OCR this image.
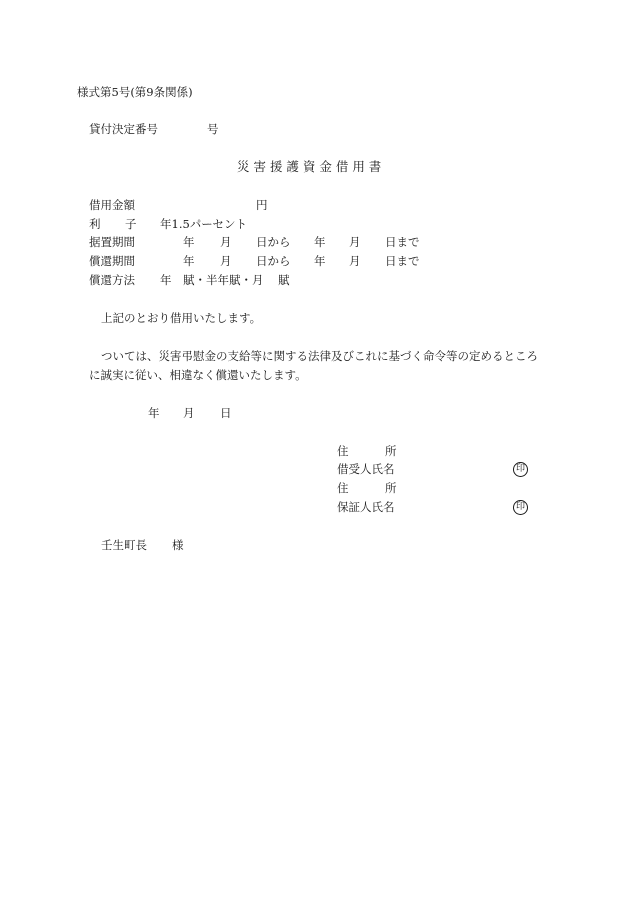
様式第5号(第9条関係)
貸付決定番号	号
災 害 援 護 資 金 借 用 書
借用金額	円
利 子 年1.5パーセント
据置期間	年 月 日から 年 月 日まで
償還期間	年 月 日から 年 月 日まで
償還方法 年 賦・半年賦・月 賦
上記のとおり借用いたします。
ついては、災害弔慰金の支給等に関する法律及びこれに基づく命令等の定めるところ
に誠実に従い、相違なく償還いたします。
年 月 日
住	所
借受人氏名	印
住	所
保証人氏名	印
壬生町長 様
